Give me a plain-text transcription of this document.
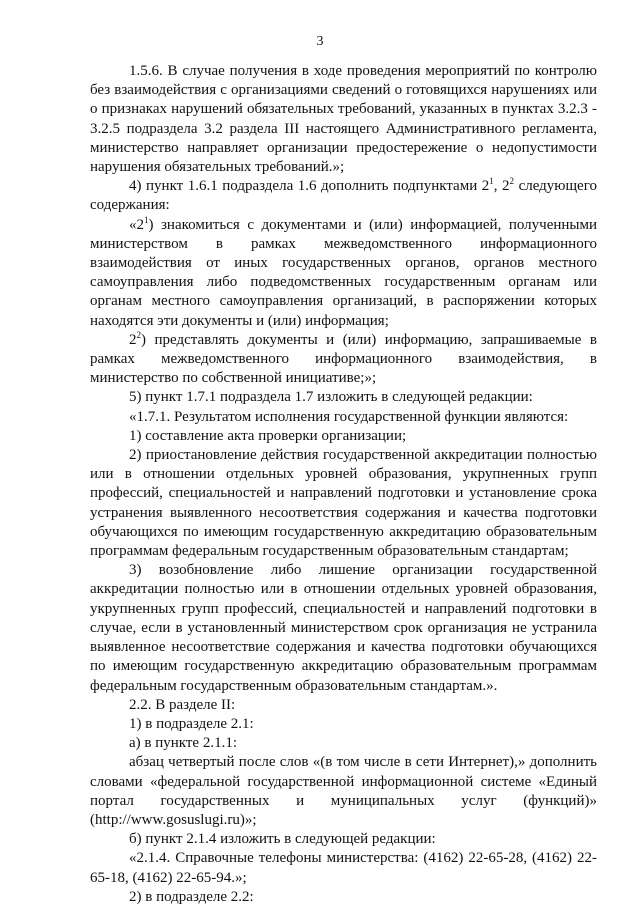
3

1.5.6. В случае получения в ходе проведения мероприятий по контролю без взаимодействия с организациями сведений о готовящихся нарушениях или о признаках нарушений обязательных требований, указанных в пунктах 3.2.3 - 3.2.5 подраздела 3.2 раздела III настоящего Административного регламента, министерство направляет организации предостережение о недопустимости нарушения обязательных требований.»;

4) пункт 1.6.1 подраздела 1.6 дополнить подпунктами $2^1$, $2^2$ следующего содержания:

«$2^1$) знакомиться с документами и (или) информацией, полученными министерством в рамках межведомственного информационного взаимодействия от иных государственных органов, органов местного самоуправления либо подведомственных государственным органам или органам местного самоуправления организаций, в распоряжении которых находятся эти документы и (или) информация;

$2^2$) представлять документы и (или) информацию, запрашиваемые в рамках межведомственного информационного взаимодействия, в министерство по собственной инициативе;»;

5) пункт 1.7.1 подраздела 1.7 изложить в следующей редакции:

«1.7.1. Результатом исполнения государственной функции являются:

1) составление акта проверки организации;

2) приостановление действия государственной аккредитации полностью или в отношении отдельных уровней образования, укрупненных групп профессий, специальностей и направлений подготовки и установление срока устранения выявленного несоответствия содержания и качества подготовки обучающихся по имеющим государственную аккредитацию образовательным программам федеральным государственным образовательным стандартам;

3) возобновление либо лишение организации государственной аккредитации полностью или в отношении отдельных уровней образования, укрупненных групп профессий, специальностей и направлений подготовки в случае, если в установленный министерством срок организация не устранила выявленное несоответствие содержания и качества подготовки обучающихся по имеющим государственную аккредитацию образовательным программам федеральным государственным образовательным стандартам.».

2.2. В разделе II:

1) в подразделе 2.1:

а) в пункте 2.1.1:

абзац четвертый после слов «(в том числе в сети Интернет),» дополнить словами «федеральной государственной информационной системе «Единый портал государственных и муниципальных услуг (функций)» (http://www.gosuslugi.ru)»;

б) пункт 2.1.4 изложить в следующей редакции:

«2.1.4. Справочные телефоны министерства: (4162) 22-65-28, (4162) 22-65-18, (4162) 22-65-94.»;

2) в подразделе 2.2:
